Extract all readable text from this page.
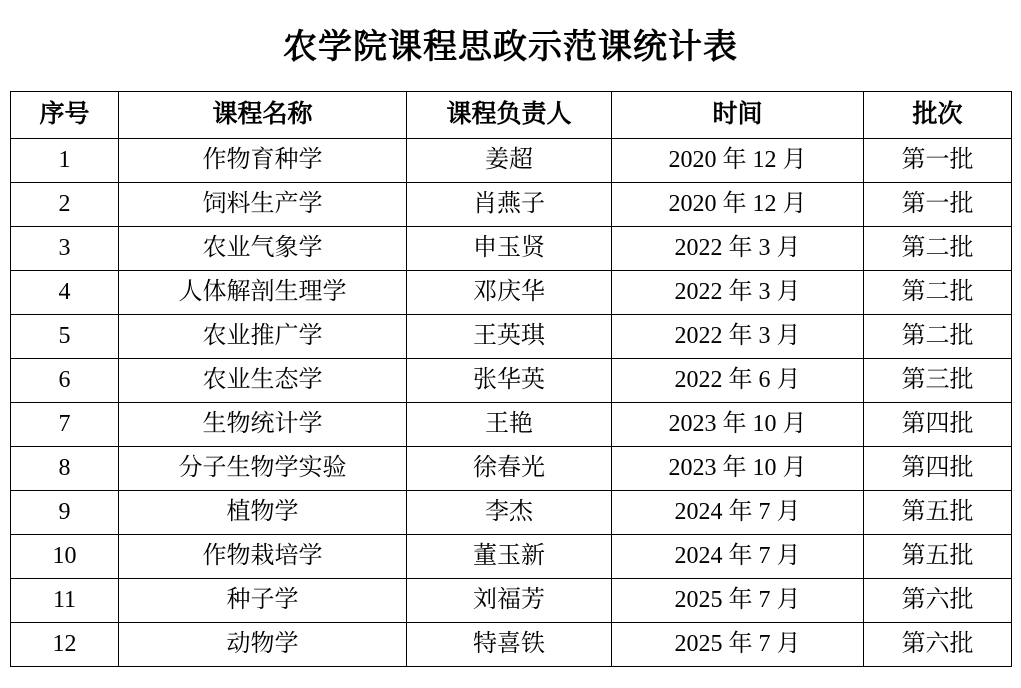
农学院课程思政示范课统计表
序号	课程名称	课程负责人	时间	批次
1	作物育种学	姜超	2020 年 12 月	第一批
2	饲料生产学	肖燕子	2020 年 12 月	第一批
3	农业气象学	申玉贤	2022 年 3 月	第二批
4	人体解剖生理学	邓庆华	2022 年 3 月	第二批
5	农业推广学	王英琪	2022 年 3 月	第二批
6	农业生态学	张华英	2022 年 6 月	第三批
7	生物统计学	王艳	2023 年 10 月	第四批
8	分子生物学实验	徐春光	2023 年 10 月	第四批
9	植物学	李杰	2024 年 7 月	第五批
10	作物栽培学	董玉新	2024 年 7 月	第五批
11	种子学	刘福芳	2025 年 7 月	第六批
12	动物学	特喜铁	2025 年 7 月	第六批
